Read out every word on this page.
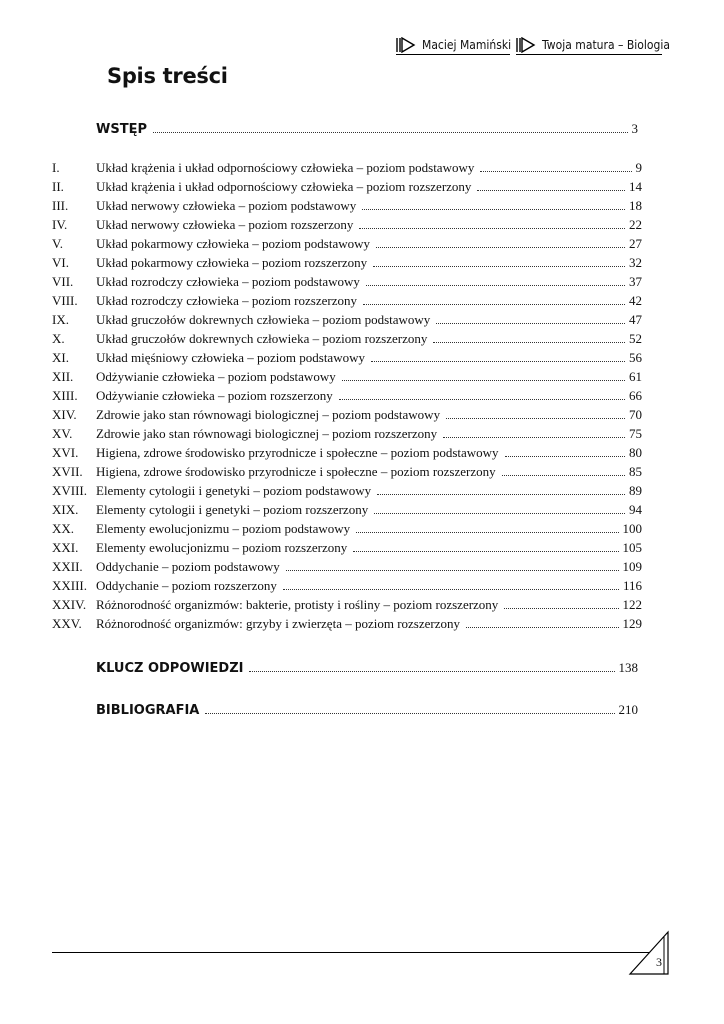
Maciej Mamiński	Twoja matura – Biologia
Spis treści
WSTĘP	3
I.	Układ krążenia i układ odpornościowy człowieka – poziom podstawowy	9
II.	Układ krążenia i układ odpornościowy człowieka – poziom rozszerzony	14
III.	Układ nerwowy człowieka – poziom podstawowy	18
IV.	Układ nerwowy człowieka – poziom rozszerzony	22
V.	Układ pokarmowy człowieka – poziom podstawowy	27
VI.	Układ pokarmowy człowieka – poziom rozszerzony	32
VII.	Układ rozrodczy człowieka – poziom podstawowy	37
VIII.	Układ rozrodczy człowieka – poziom rozszerzony	42
IX.	Układ gruczołów dokrewnych człowieka – poziom podstawowy	47
X.	Układ gruczołów dokrewnych człowieka – poziom rozszerzony	52
XI.	Układ mięśniowy człowieka – poziom podstawowy	56
XII.	Odżywianie człowieka – poziom podstawowy	61
XIII.	Odżywianie człowieka – poziom rozszerzony	66
XIV.	Zdrowie jako stan równowagi biologicznej – poziom podstawowy	70
XV.	Zdrowie jako stan równowagi biologicznej – poziom rozszerzony	75
XVI.	Higiena, zdrowe środowisko przyrodnicze i społeczne – poziom podstawowy	80
XVII.	Higiena, zdrowe środowisko przyrodnicze i społeczne – poziom rozszerzony	85
XVIII. Elementy cytologii i genetyki – poziom podstawowy	89
XIX.	Elementy cytologii i genetyki – poziom rozszerzony	94
XX.	Elementy ewolucjonizmu – poziom podstawowy	100
XXI.	Elementy ewolucjonizmu – poziom rozszerzony	105
XXII.	Oddychanie – poziom podstawowy	109
XXIII. Oddychanie – poziom rozszerzony	116
XXIV. Różnorodność organizmów: bakterie, protisty i rośliny – poziom rozszerzony	122
XXV.	Różnorodność organizmów: grzyby i zwierzęta – poziom rozszerzony	129
KLUCZ ODPOWIEDZI	138
BIBLIOGRAFIA	210
3
